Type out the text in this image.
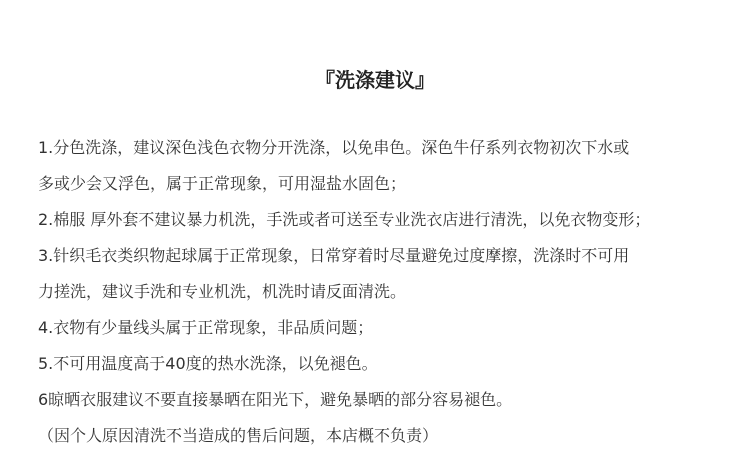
『洗涤建议』
1.分色洗涤，建议深色浅色衣物分开洗涤，以免串色。深色牛仔系列衣物初次下水或
多或少会又浮色，属于正常现象，可用湿盐水固色；
2.棉服 厚外套不建议暴力机洗，手洗或者可送至专业洗衣店进行清洗，以免衣物变形；
3.针织毛衣类织物起球属于正常现象，日常穿着时尽量避免过度摩擦，洗涤时不可用
力搓洗，建议手洗和专业机洗，机洗时请反面清洗。
4.衣物有少量线头属于正常现象，非品质问题；
5.不可用温度高于40度的热水洗涤，以免褪色。
6晾晒衣服建议不要直接暴晒在阳光下，避免暴晒的部分容易褪色。
（因个人原因清洗不当造成的售后问题，本店概不负责）
